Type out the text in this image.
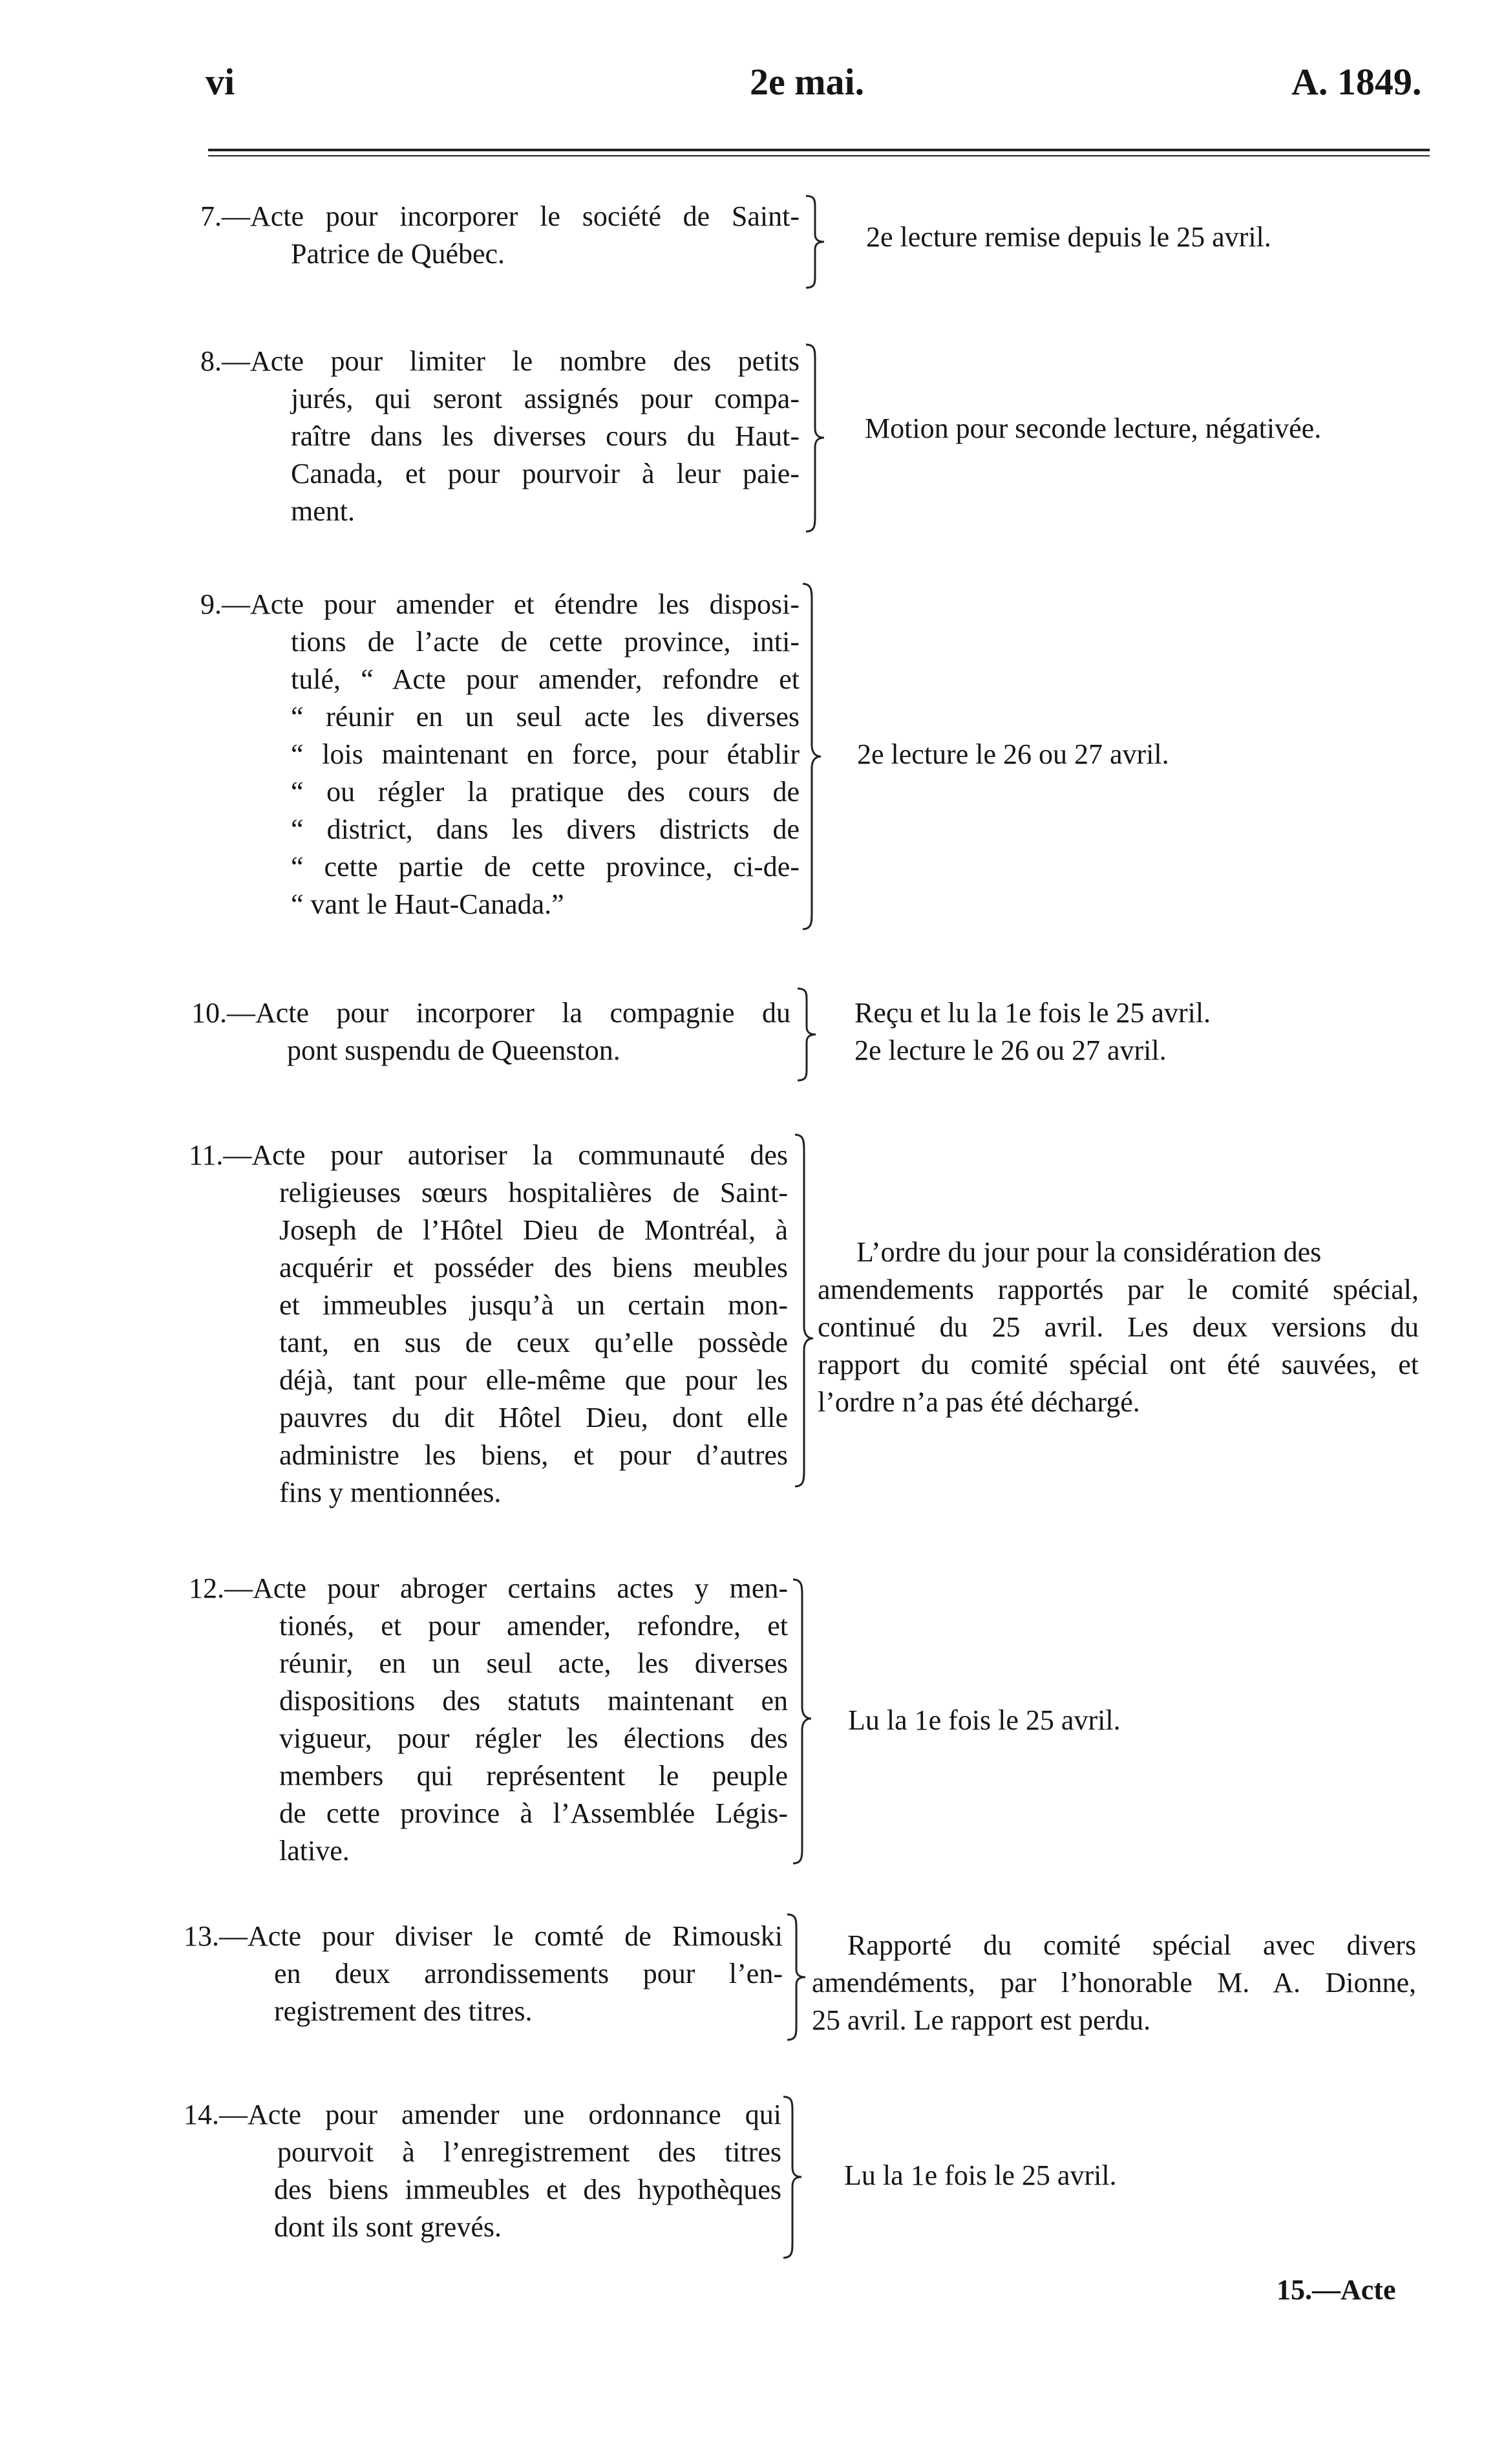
vi	2e mai.	A. 1849.
7.—Acte pour incorporer le société de Saint-
Patrice de Québec.
2e lecture remise depuis le 25 avril.
8.—Acte pour limiter le nombre des petits
jurés, qui seront assignés pour compa-
raître dans les diverses cours du Haut-
Canada, et pour pourvoir à leur paie-
ment.
Motion pour seconde lecture, négativée.
9.—Acte pour amender et étendre les disposi-
tions de l’acte de cette province, inti-
tulé, “ Acte pour amender, refondre et
“ réunir en un seul acte les diverses
“ lois maintenant en force, pour établir
“ ou régler la pratique des cours de
“ district, dans les divers districts de
“ cette partie de cette province, ci-de-
“ vant le Haut-Canada.”
2e lecture le 26 ou 27 avril.
10.—Acte pour incorporer la compagnie du
pont suspendu de Queenston.
Reçu et lu la 1e fois le 25 avril.
2e lecture le 26 ou 27 avril.
11.—Acte pour autoriser la communauté des
religieuses sœurs hospitalières de Saint-
Joseph de l’Hôtel Dieu de Montréal, à
acquérir et posséder des biens meubles
et immeubles jusqu’à un certain mon-
tant, en sus de ceux qu’elle possède
déjà, tant pour elle-même que pour les
pauvres du dit Hôtel Dieu, dont elle
administre les biens, et pour d’autres
fins y mentionnées.
L’ordre du jour pour la considération des
amendements rapportés par le comité spécial,
continué du 25 avril. Les deux versions du
rapport du comité spécial ont été sauvées, et
l’ordre n’a pas été déchargé.
12.—Acte pour abroger certains actes y men-
tionés, et pour amender, refondre, et
réunir, en un seul acte, les diverses
dispositions des statuts maintenant en
vigueur, pour régler les élections des
members qui représentent le peuple
de cette province à l’Assemblée Légis-
lative.
Lu la 1e fois le 25 avril.
13.—Acte pour diviser le comté de Rimouski
en deux arrondissements pour l’en-
registrement des titres.
Rapporté du comité spécial avec divers
amendéments, par l’honorable M. A. Dionne,
25 avril. Le rapport est perdu.
14.—Acte pour amender une ordonnance qui
pourvoit à l’enregistrement des titres
des biens immeubles et des hypothèques
dont ils sont grevés.
Lu la 1e fois le 25 avril.
15.—Acte
